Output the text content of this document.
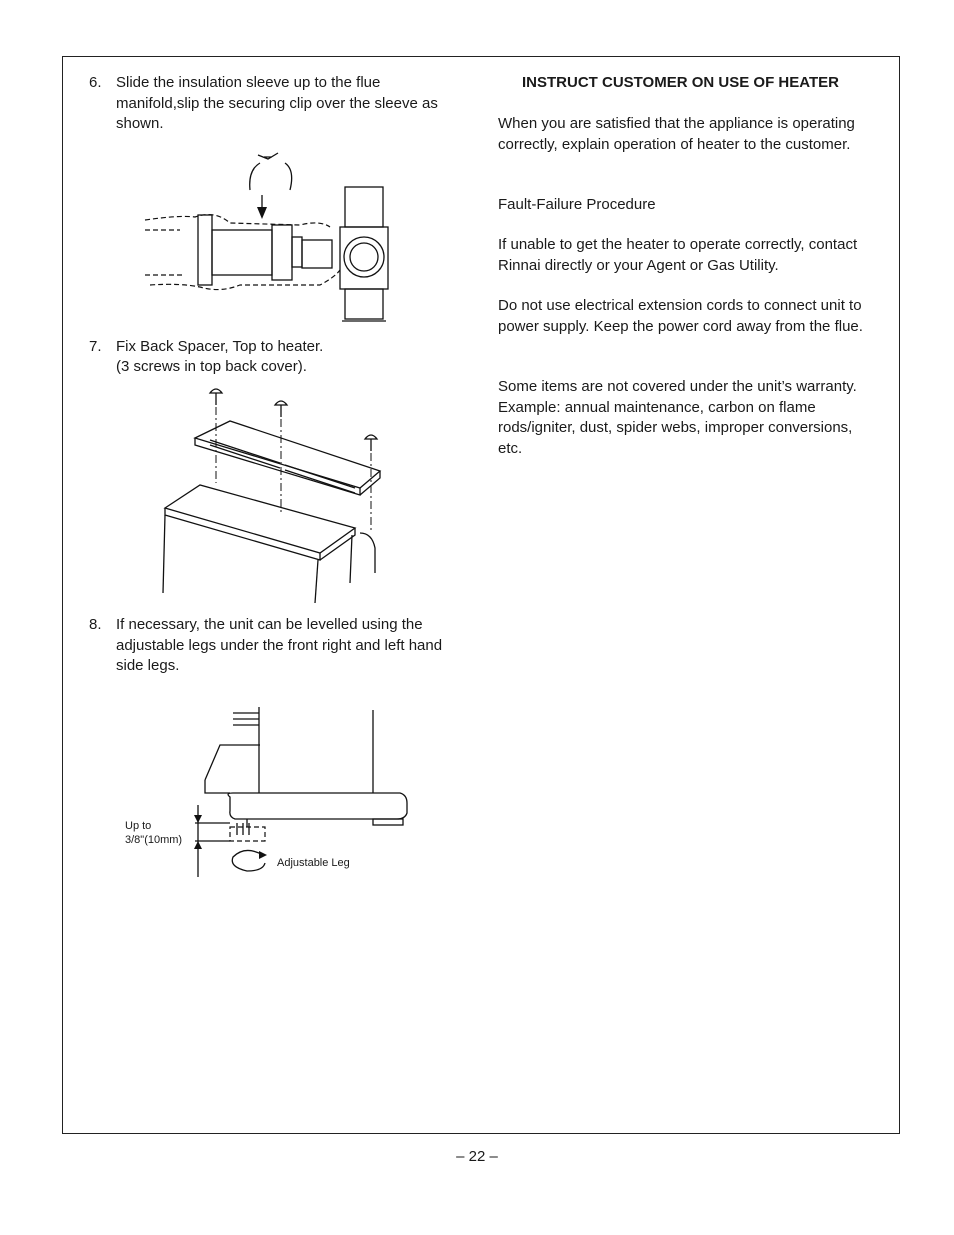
6. Slide the insulation sleeve up to the flue manifold,slip the securing clip over the sleeve as shown.
7. Fix Back Spacer, Top to heater.
(3 screws in top back cover).
8. If necessary, the unit can be levelled using the adjustable legs under the front right and left hand side legs.
Up to
3/8"(10mm)
Adjustable Leg
INSTRUCT CUSTOMER ON USE OF HEATER
When you are satisfied that the appliance is operating correctly, explain operation of heater to the customer.
Fault-Failure Procedure
If unable to get the heater to operate correctly, contact Rinnai directly or your Agent or Gas Utility.
Do not use electrical extension cords to connect unit to power supply. Keep the power cord away from the flue.
Some items are not covered under the unit’s warranty. Example: annual maintenance, carbon on flame rods/igniter, dust, spider webs, improper conversions, etc.
– 22 –
